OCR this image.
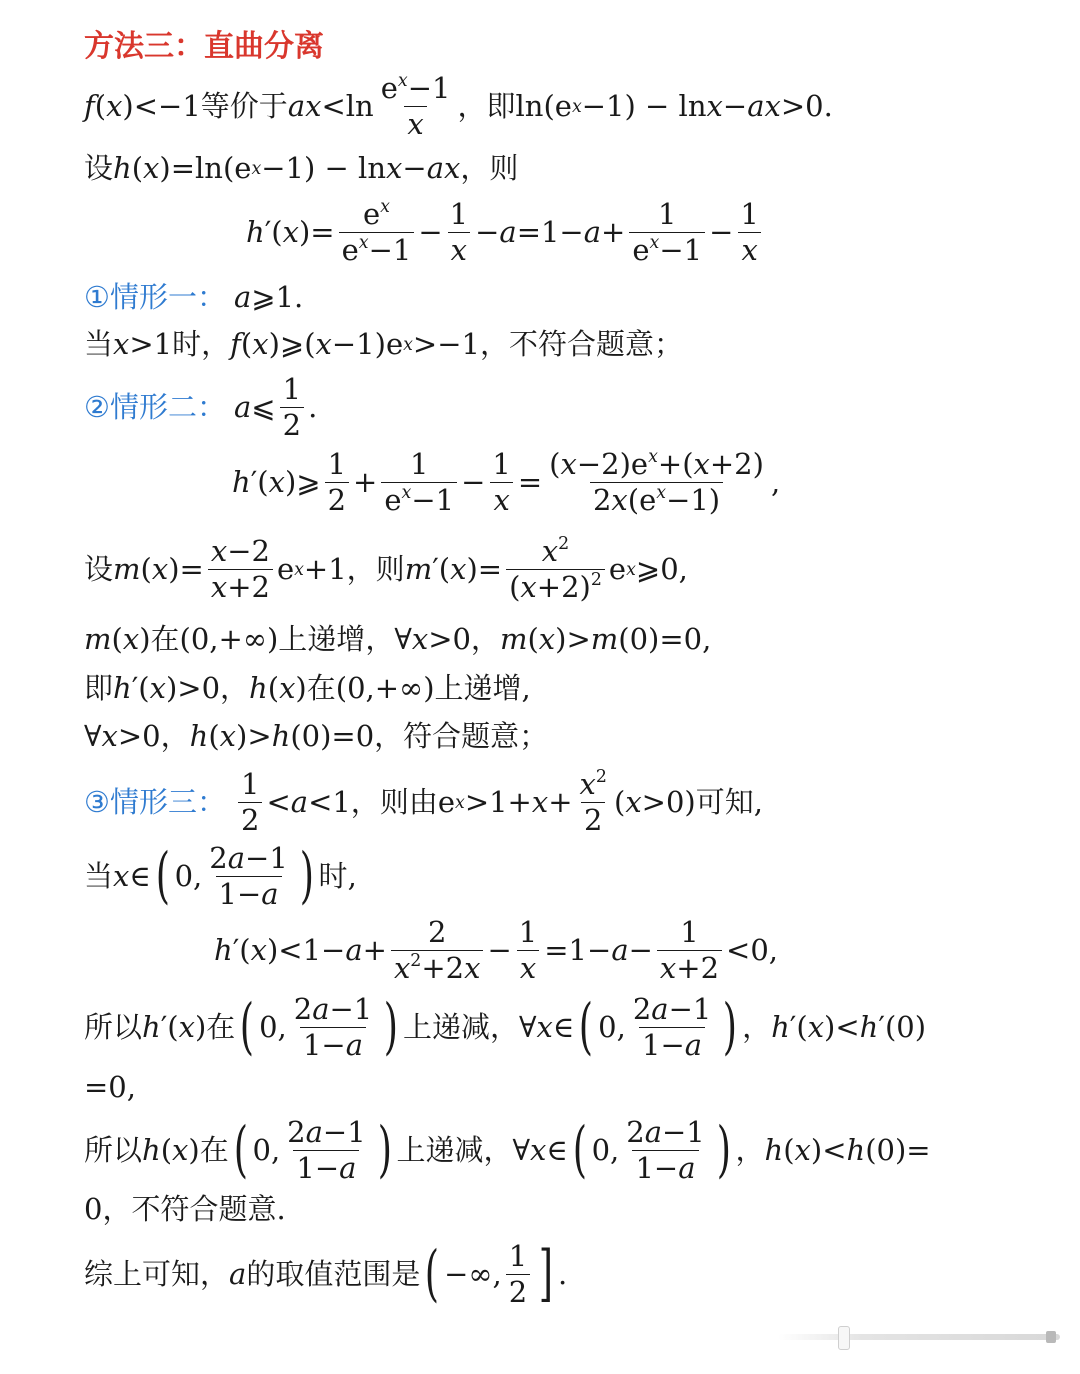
方法三：直曲分离
f ( x )<−1 等价于 ax <ln
$e^x-1$
x
， 即 ln(e x −1) − ln x − ax >0.
设 h ( x )=ln(e x −1) − ln x − ax ， 则
h ′( x )=
$e^x$
$e^x-1$
−
1
x
− a =1− a +
1
$e^x-1$
−
1
x
①情形一： a ⩾1.
当 x >1 时 ， f ( x )⩾( x −1)e x >−1， 不符合题意 ；
②情形二： a ⩽
1
2
.
h ′( x )⩾
1
2
+
1
$e^x-1$
−
1
x
=
$(x-2)e^x+(x+2)$
$2x(e^x-1)$
,
设 m ( x )=
x−2
x+2
e x +1， 则 m ′( x )=
$x^2$
$(x+2)^2$ e x ⩾0,
m ( x ) 在 (0,+∞) 上递增 ，∀ x >0， m ( x )> m (0)=0,
即 h ′( x )>0， h ( x ) 在 (0,+∞) 上递增 ,
∀ x >0， h ( x )> h (0)=0， 符合题意 ；
③情形三：
1
2
< a <1， 则由 e x >1+ x +
$x^2$
2
( x >0) 可知 ,
当 x ∈ ( 0,
2a−1
1−a ) 时 ,
h ′( x )<1− a +
2
$x^2+2x$
−
1
x
=1− a −
1
x+2
<0,
所以 h ′( x ) 在 ( 0,
2a−1
1−a ) 上递减 ，∀ x ∈ ( 0,
2a−1
1−a ) ， h ′( x )< h ′(0)
=0,
所以 h ( x ) 在 ( 0,
2a−1
1−a ) 上递减 ，∀ x ∈ ( 0,
2a−1
1−a ) ， h ( x )< h (0)=
0， 不符合题意 .
综上可知， a 的取值范围是 ( −∞,
1
2 ] .
